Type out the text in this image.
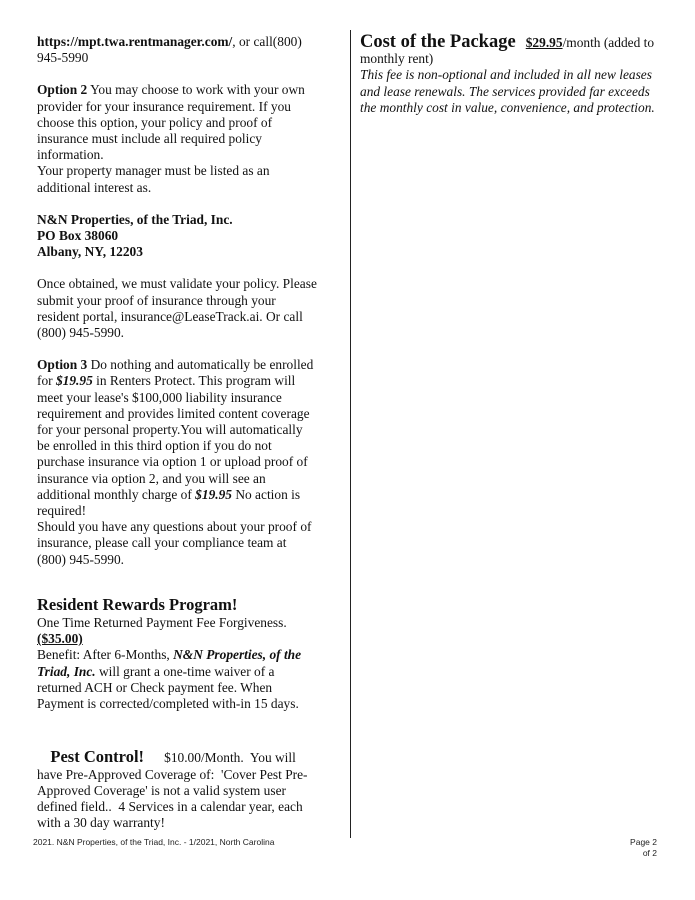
https://mpt.twa.rentmanager.com/, or call(800) 945-5990

Option 2 You may choose to work with your own provider for your insurance requirement. If you choose this option, your policy and proof of insurance must include all required policy information.

Your property manager must be listed as an additional interest as.

N&N Properties, of the Triad, Inc.

PO Box 38060

Albany, NY, 12203

Once obtained, we must validate your policy. Please submit your proof of insurance through your resident portal, insurance@LeaseTrack.ai. Or call (800) 945-5990.

Option 3 Do nothing and automatically be enrolled for $19.95 in Renters Protect. This program will meet your lease's $100,000 liability insurance requirement and provides limited content coverage for your personal property.You will automatically be enrolled in this third option if you do not purchase insurance via option 1 or upload proof of insurance via option 2, and you will see an additional monthly charge of $19.95 No action is required!

Should you have any questions about your proof of insurance, please call your compliance team at (800) 945-5990.

Resident Rewards Program!

One Time Returned Payment Fee Forgiveness.

($35.00)

Benefit: After 6-Months, N&N Properties, of the Triad, Inc. will grant a one-time waiver of a returned ACH or Check payment fee. When Payment is corrected/completed with-in 15 days.

Pest Control!      $10.00/Month.  You will have Pre-Approved Coverage of:  'Cover Pest Pre-Approved Coverage' is not a valid system user defined field..  4 Services in a calendar year, each with a 30 day warranty!

Cost of the Package $29.95/month (added to monthly rent)

This fee is non-optional and included in all new leases and lease renewals. The services provided far exceeds the monthly cost in value, convenience, and protection.

2021. N&N Properties, of the Triad, Inc. - 1/2021, North Carolina	Page 2
of 2
